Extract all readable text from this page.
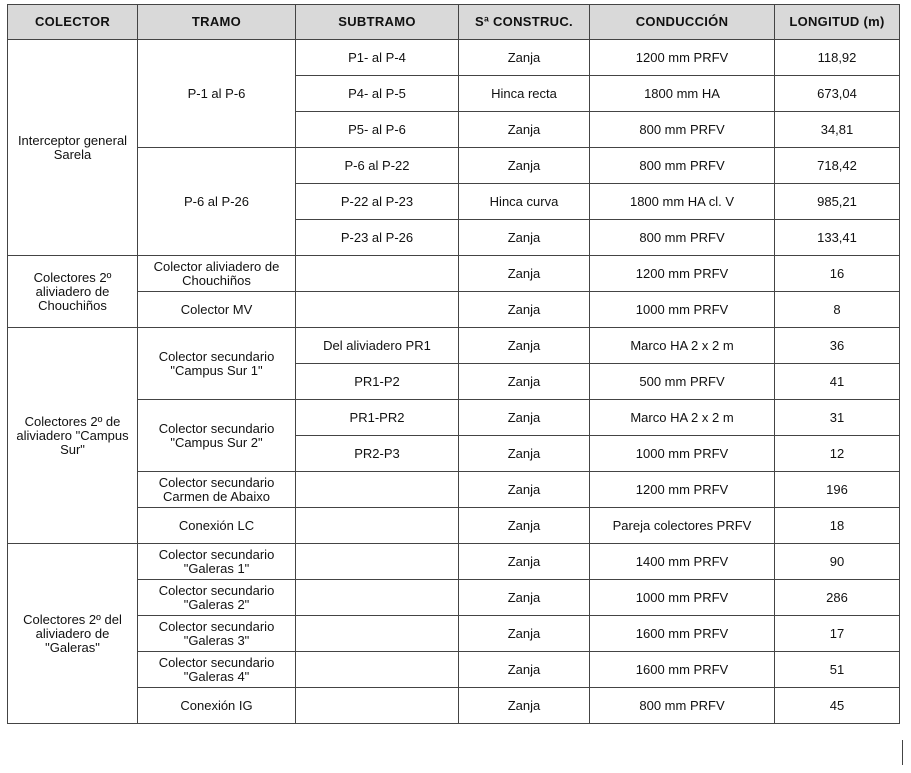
COLECTOR	TRAMO	SUBTRAMO	Sª CONSTRUC.	CONDUCCIÓN	LONGITUD (m)
Interceptor general Sarela	P-1 al P-6	P1- al P-4	Zanja	1200 mm PRFV	118,92
		P4- al P-5	Hinca recta	1800 mm HA	673,04
		P5- al P-6	Zanja	800 mm PRFV	34,81
	P-6 al P-26	P-6 al P-22	Zanja	800 mm PRFV	718,42
		P-22 al P-23	Hinca curva	1800 mm HA cl. V	985,21
		P-23 al P-26	Zanja	800 mm PRFV	133,41
Colectores 2º aliviadero de Chouchiños	Colector aliviadero de Chouchiños		Zanja	1200 mm PRFV	16
	Colector MV		Zanja	1000 mm PRFV	8
Colectores 2º de aliviadero "Campus Sur"	Colector secundario "Campus Sur 1"	Del aliviadero PR1	Zanja	Marco HA 2 x 2 m	36
		PR1-P2	Zanja	500 mm PRFV	41
	Colector secundario "Campus Sur 2"	PR1-PR2	Zanja	Marco HA 2 x 2 m	31
		PR2-P3	Zanja	1000 mm PRFV	12
	Colector secundario Carmen de Abaixo		Zanja	1200 mm PRFV	196
	Conexión LC		Zanja	Pareja colectores PRFV	18
Colectores 2º del aliviadero de "Galeras"	Colector secundario "Galeras 1"		Zanja	1400 mm PRFV	90
	Colector secundario "Galeras 2"		Zanja	1000 mm PRFV	286
	Colector secundario "Galeras 3"		Zanja	1600 mm PRFV	17
	Colector secundario "Galeras 4"		Zanja	1600 mm PRFV	51
	Conexión IG		Zanja	800 mm PRFV	45
